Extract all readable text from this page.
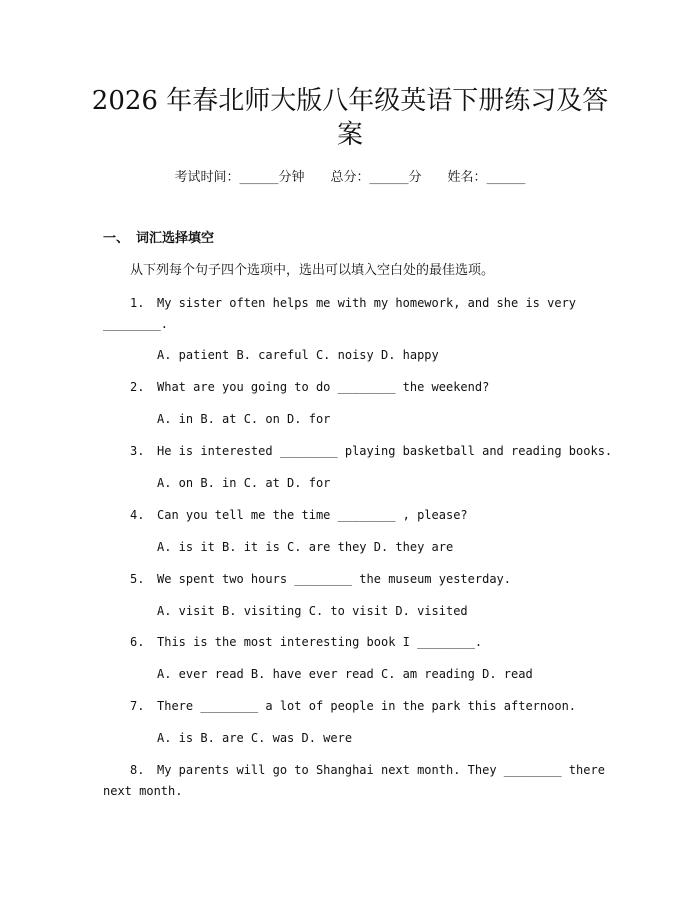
2026 年春北师大版八年级英语下册练习及答
案
考试时间：______分钟 总分：______分 姓名：______
一、 词汇选择填空
从下列每个句子四个选项中，选出可以填入空白处的最佳选项。
1. My sister often helps me with my homework, and she is very
________.
A. patient B. careful C. noisy D. happy
2. What are you going to do ________ the weekend?
A. in B. at C. on D. for
3. He is interested ________ playing basketball and reading books.
A. on B. in C. at D. for
4. Can you tell me the time ________ , please?
A. is it B. it is C. are they D. they are
5. We spent two hours ________ the museum yesterday.
A. visit B. visiting C. to visit D. visited
6. This is the most interesting book I ________.
A. ever read B. have ever read C. am reading D. read
7. There ________ a lot of people in the park this afternoon.
A. is B. are C. was D. were
8. My parents will go to Shanghai next month. They ________ there
next month.
